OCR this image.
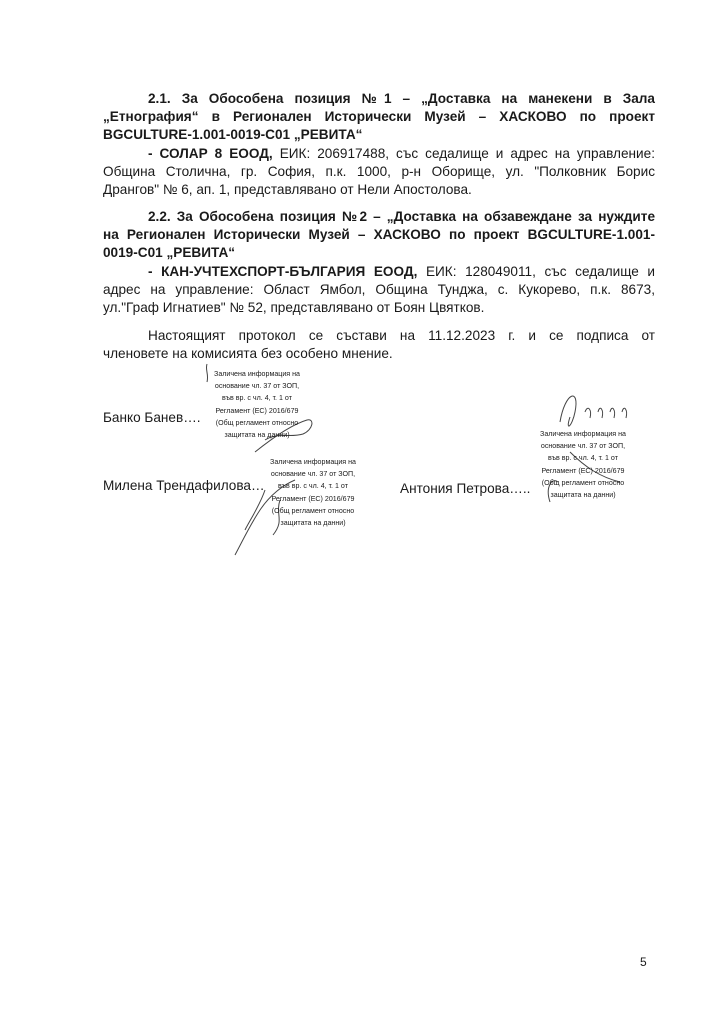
2.1. За Обособена позиция №1 – „Доставка на манекени в Зала
„Етнография“ в Регионален Исторически Музей – ХАСКОВО по проект
BGCULTURE-1.001-0019-C01 „РЕВИТА“
- СОЛАР 8 ЕООД, ЕИК: 206917488, със седалище и адрес на управление:
Община Столична, гр. София, п.к. 1000, р-н Оборище, ул. "Полковник Борис
Дрангов" № 6, ап. 1, представлявано от Нели Апостолова.
2.2. За Обособена позиция №2 – „Доставка на обзавеждане за нуждите
на Регионален Исторически Музей – ХАСКОВО по проект BGCULTURE-1.001-
0019-C01 „РЕВИТА“
- КАН-УЧТЕХСПОРТ-БЪЛГАРИЯ ЕООД, ЕИК: 128049011, със седалище и
адрес на управление: Област Ямбол, Община Тунджа, с. Кукорево, п.к. 8673,
ул."Граф Игнатиев" № 52, представлявано от Боян Цвятков.
Настоящият протокол се състави на 11.12.2023 г. и се подписа от
членовете на комисията без особено мнение.
Банко Банев….
Милена Трендафилова…	Антония Петрова…..
Заличена информация на
основание чл. 37 от ЗОП,
във вр. с чл. 4, т. 1 от
Регламент (ЕС) 2016/679
(Общ регламент относно
защитата на данни)
Заличена информация на
основание чл. 37 от ЗОП,
във вр. с чл. 4, т. 1 от
Регламент (ЕС) 2016/679
(Общ регламент относно
защитата на данни)
Заличена информация на
основание чл. 37 от ЗОП,
във вр. с чл. 4, т. 1 от
Регламент (ЕС) 2016/679
(Общ регламент относно
защитата на данни)
5
